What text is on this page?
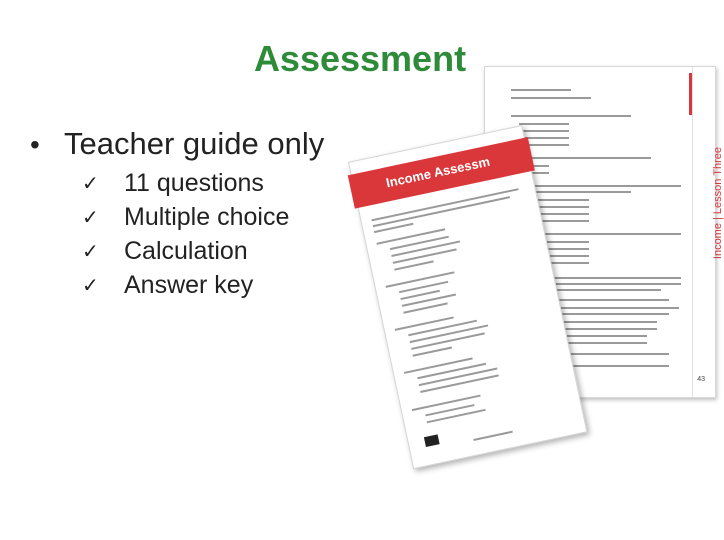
Assessment
• Teacher guide only
✓	11 questions
✓	Multiple choice
✓	Calculation
✓	Answer key
Income | Lesson Three
43
Income Assessm
